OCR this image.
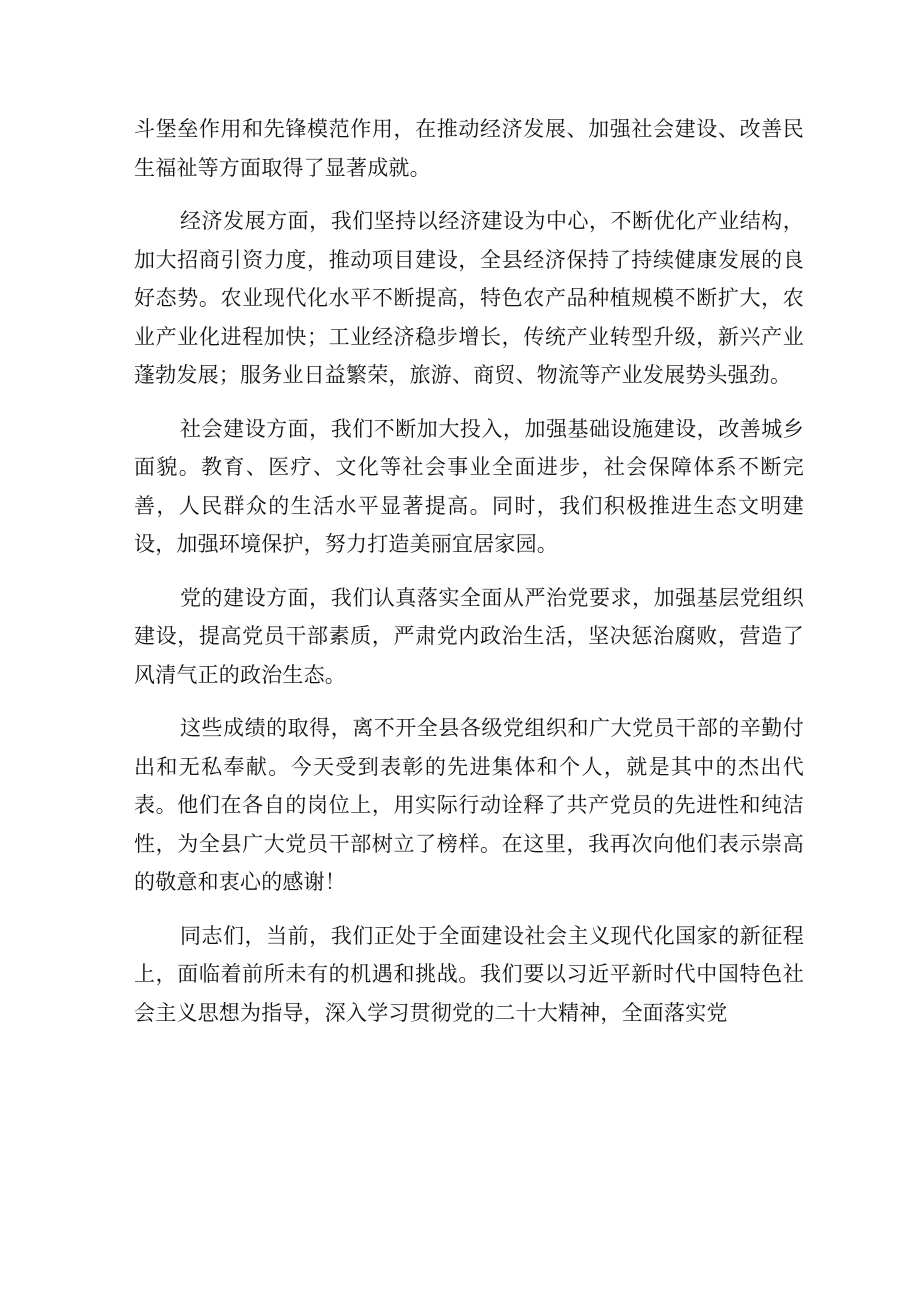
斗堡垒作用和先锋模范作用，在推动经济发展、加强社会建设、改善民生福祉等方面取得了显著成就。

经济发展方面，我们坚持以经济建设为中心，不断优化产业结构，加大招商引资力度，推动项目建设，全县经济保持了持续健康发展的良好态势。农业现代化水平不断提高，特色农产品种植规模不断扩大，农业产业化进程加快；工业经济稳步增长，传统产业转型升级，新兴产业蓬勃发展；服务业日益繁荣，旅游、商贸、物流等产业发展势头强劲。

社会建设方面，我们不断加大投入，加强基础设施建设，改善城乡面貌。教育、医疗、文化等社会事业全面进步，社会保障体系不断完善，人民群众的生活水平显著提高。同时，我们积极推进生态文明建设，加强环境保护，努力打造美丽宜居家园。

党的建设方面，我们认真落实全面从严治党要求，加强基层党组织建设，提高党员干部素质，严肃党内政治生活，坚决惩治腐败，营造了风清气正的政治生态。

这些成绩的取得，离不开全县各级党组织和广大党员干部的辛勤付出和无私奉献。今天受到表彰的先进集体和个人，就是其中的杰出代表。他们在各自的岗位上，用实际行动诠释了共产党员的先进性和纯洁性，为全县广大党员干部树立了榜样。在这里，我再次向他们表示崇高的敬意和衷心的感谢！

同志们，当前，我们正处于全面建设社会主义现代化国家的新征程上，面临着前所未有的机遇和挑战。我们要以习近平新时代中国特色社会主义思想为指导，深入学习贯彻党的二十大精神，全面落实党
